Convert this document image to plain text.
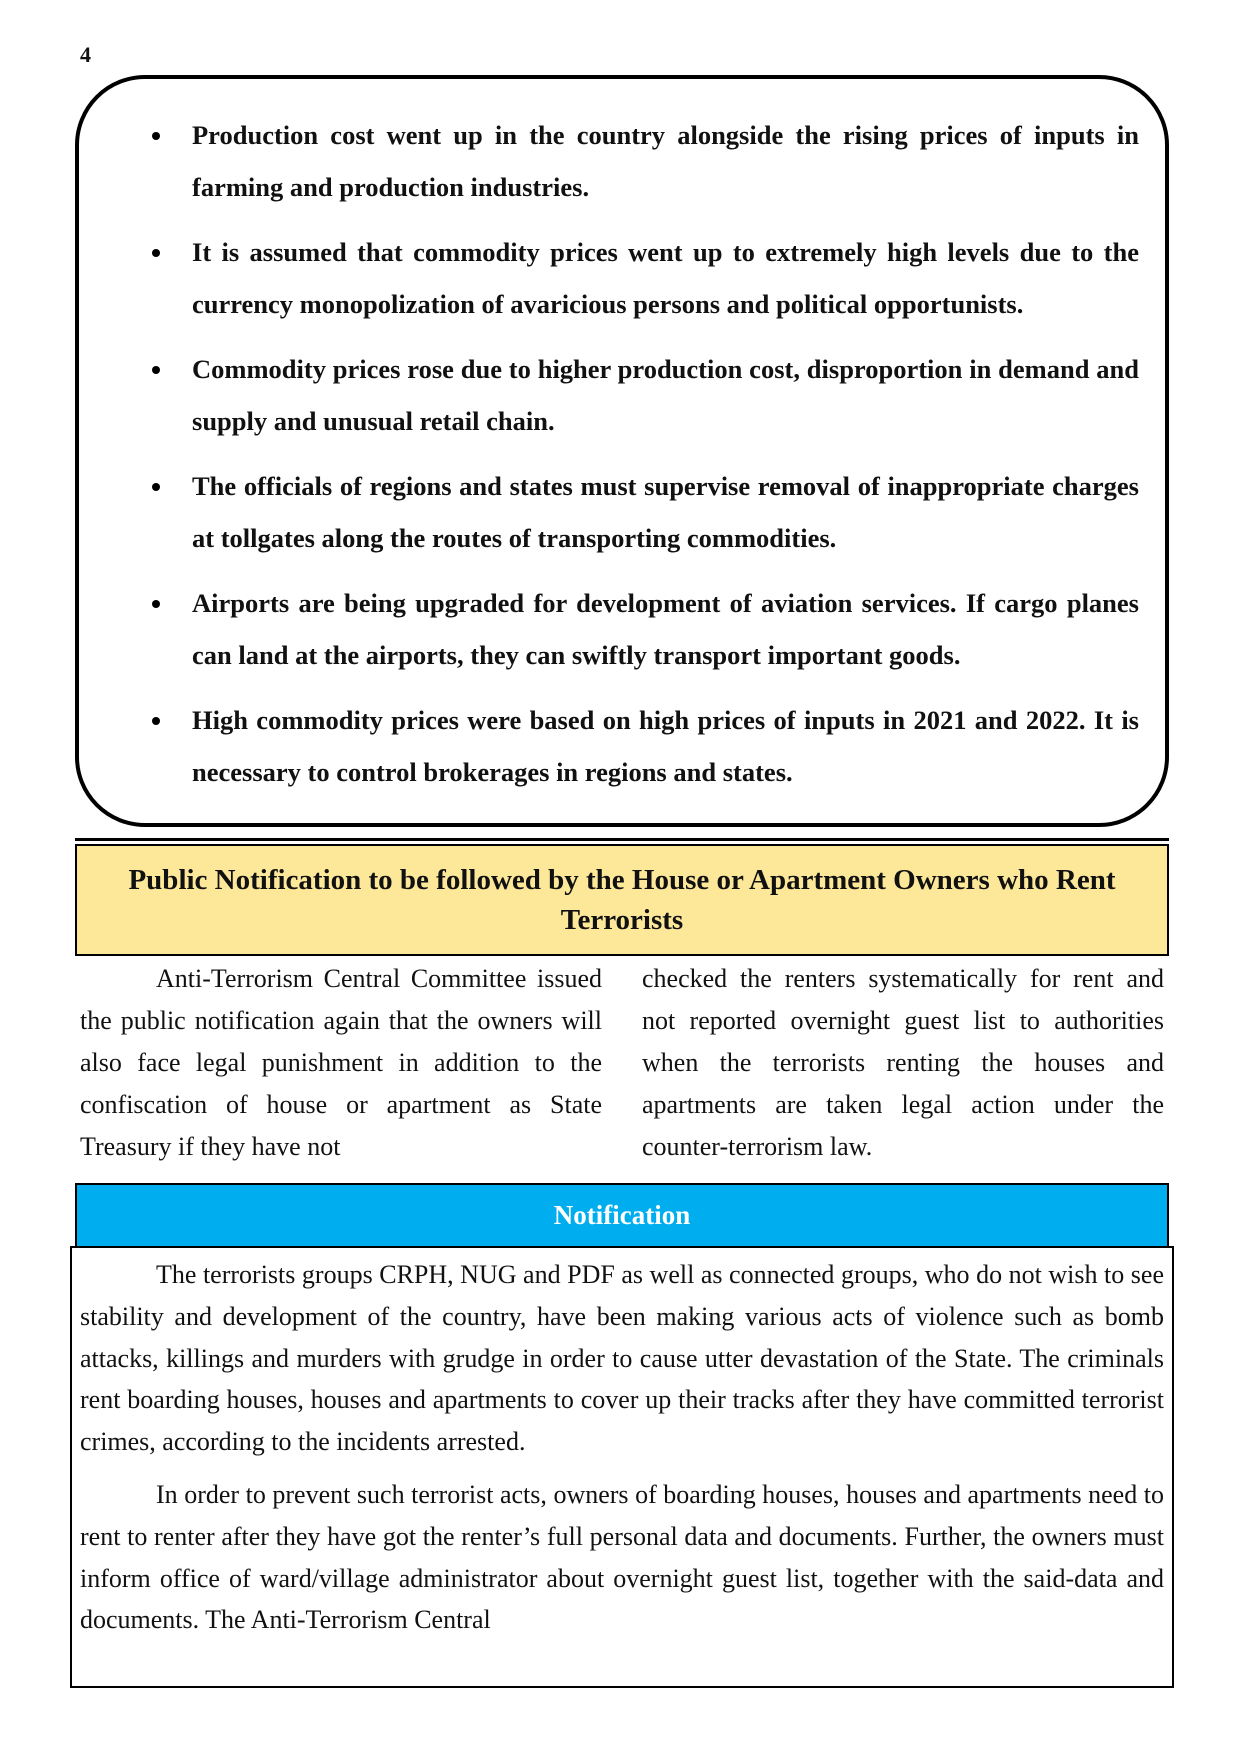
4
Production cost went up in the country alongside the rising prices of inputs in farming and production industries.
It is assumed that commodity prices went up to extremely high levels due to the currency monopolization of avaricious persons and political opportunists.
Commodity prices rose due to higher production cost, disproportion in demand and supply and unusual retail chain.
The officials of regions and states must supervise removal of inappropriate charges at tollgates along the routes of transporting commodities.
Airports are being upgraded for development of aviation services. If cargo planes can land at the airports, they can swiftly transport important goods.
High commodity prices were based on high prices of inputs in 2021 and 2022. It is necessary to control brokerages in regions and states.
Public Notification to be followed by the House or Apartment Owners who Rent Terrorists
Anti-Terrorism Central Committee issued the public notification again that the owners will also face legal punishment in addition to the confiscation of house or apartment as State Treasury if they have not
checked the renters systematically for rent and not reported overnight guest list to authorities when the terrorists renting the houses and apartments are taken legal action under the counter-terrorism law.
Notification

The terrorists groups CRPH, NUG and PDF as well as connected groups, who do not wish to see stability and development of the country, have been making various acts of violence such as bomb attacks, killings and murders with grudge in order to cause utter devastation of the State. The criminals rent boarding houses, houses and apartments to cover up their tracks after they have committed terrorist crimes, according to the incidents arrested.

In order to prevent such terrorist acts, owners of boarding houses, houses and apartments need to rent to renter after they have got the renter’s full personal data and documents. Further, the owners must inform office of ward/village administrator about overnight guest list, together with the said-data and documents. The Anti-Terrorism Central
